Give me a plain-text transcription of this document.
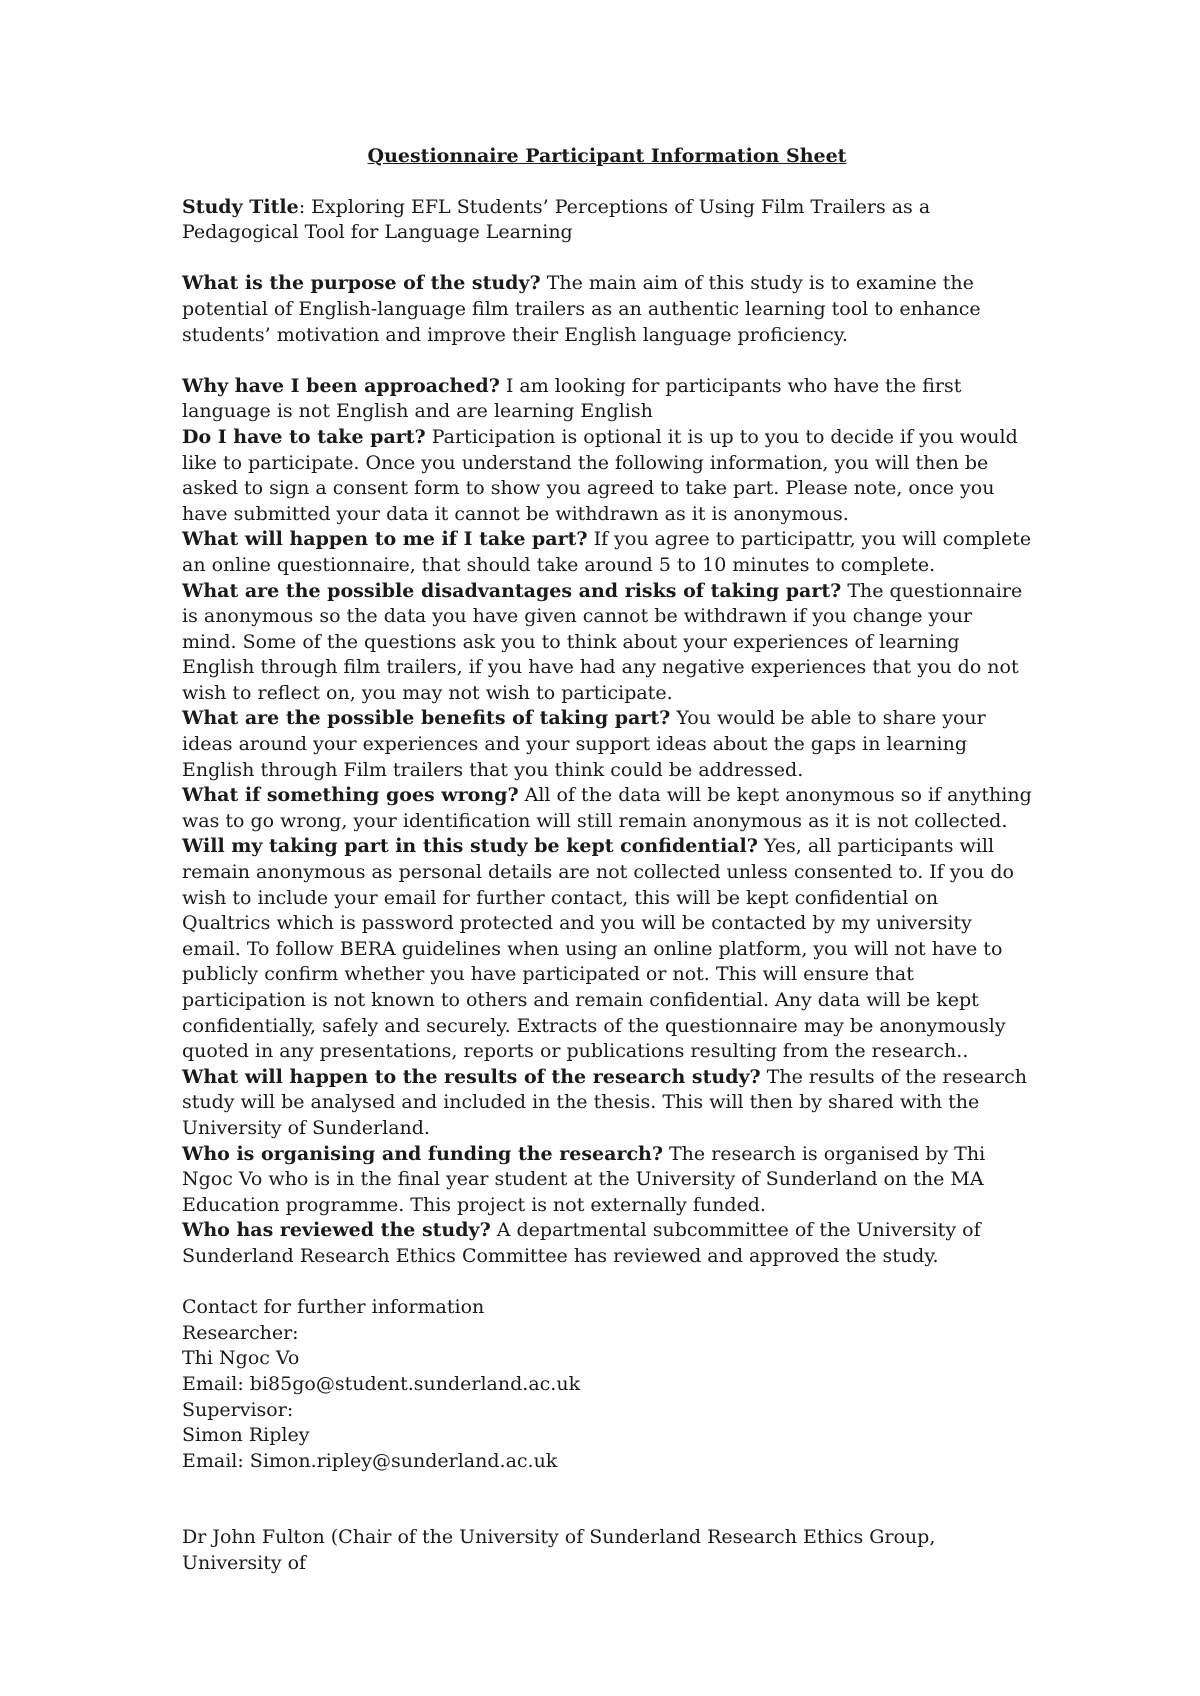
Questionnaire Participant Information Sheet

Study Title: Exploring EFL Students’ Perceptions of Using Film Trailers as a Pedagogical Tool for Language Learning

What is the purpose of the study? The main aim of this study is to examine the potential of English-language film trailers as an authentic learning tool to enhance students’ motivation and improve their English language proficiency.

Why have I been approached? I am looking for participants who have the first language is not English and are learning English

Do I have to take part? Participation is optional it is up to you to decide if you would like to participate. Once you understand the following information, you will then be asked to sign a consent form to show you agreed to take part. Please note, once you have submitted your data it cannot be withdrawn as it is anonymous.

What will happen to me if I take part? If you agree to participattr, you will complete an online questionnaire, that should take around 5 to 10 minutes to complete.

What are the possible disadvantages and risks of taking part? The questionnaire is anonymous so the data you have given cannot be withdrawn if you change your mind. Some of the questions ask you to think about your experiences of learning English through film trailers, if you have had any negative experiences that you do not wish to reflect on, you may not wish to participate.

What are the possible benefits of taking part? You would be able to share your ideas around your experiences and your support ideas about the gaps in learning English through Film trailers that you think could be addressed.

What if something goes wrong? All of the data will be kept anonymous so if anything was to go wrong, your identification will still remain anonymous as it is not collected.

Will my taking part in this study be kept confidential? Yes, all participants will remain anonymous as personal details are not collected unless consented to. If you do wish to include your email for further contact, this will be kept confidential on Qualtrics which is password protected and you will be contacted by my university email. To follow BERA guidelines when using an online platform, you will not have to publicly confirm whether you have participated or not. This will ensure that participation is not known to others and remain confidential. Any data will be kept confidentially, safely and securely. Extracts of the questionnaire may be anonymously quoted in any presentations, reports or publications resulting from the research..

What will happen to the results of the research study? The results of the research study will be analysed and included in the thesis. This will then by shared with the University of Sunderland.

Who is organising and funding the research? The research is organised by Thi Ngoc Vo who is in the final year student at the University of Sunderland on the MA Education programme. This project is not externally funded.

Who has reviewed the study? A departmental subcommittee of the University of Sunderland Research Ethics Committee has reviewed and approved the study.

Contact for further information
Researcher:
Thi Ngoc Vo
Email: bi85go@student.sunderland.ac.uk
Supervisor:
Simon Ripley
Email: Simon.ripley@sunderland.ac.uk

Dr John Fulton (Chair of the University of Sunderland Research Ethics Group, University of
